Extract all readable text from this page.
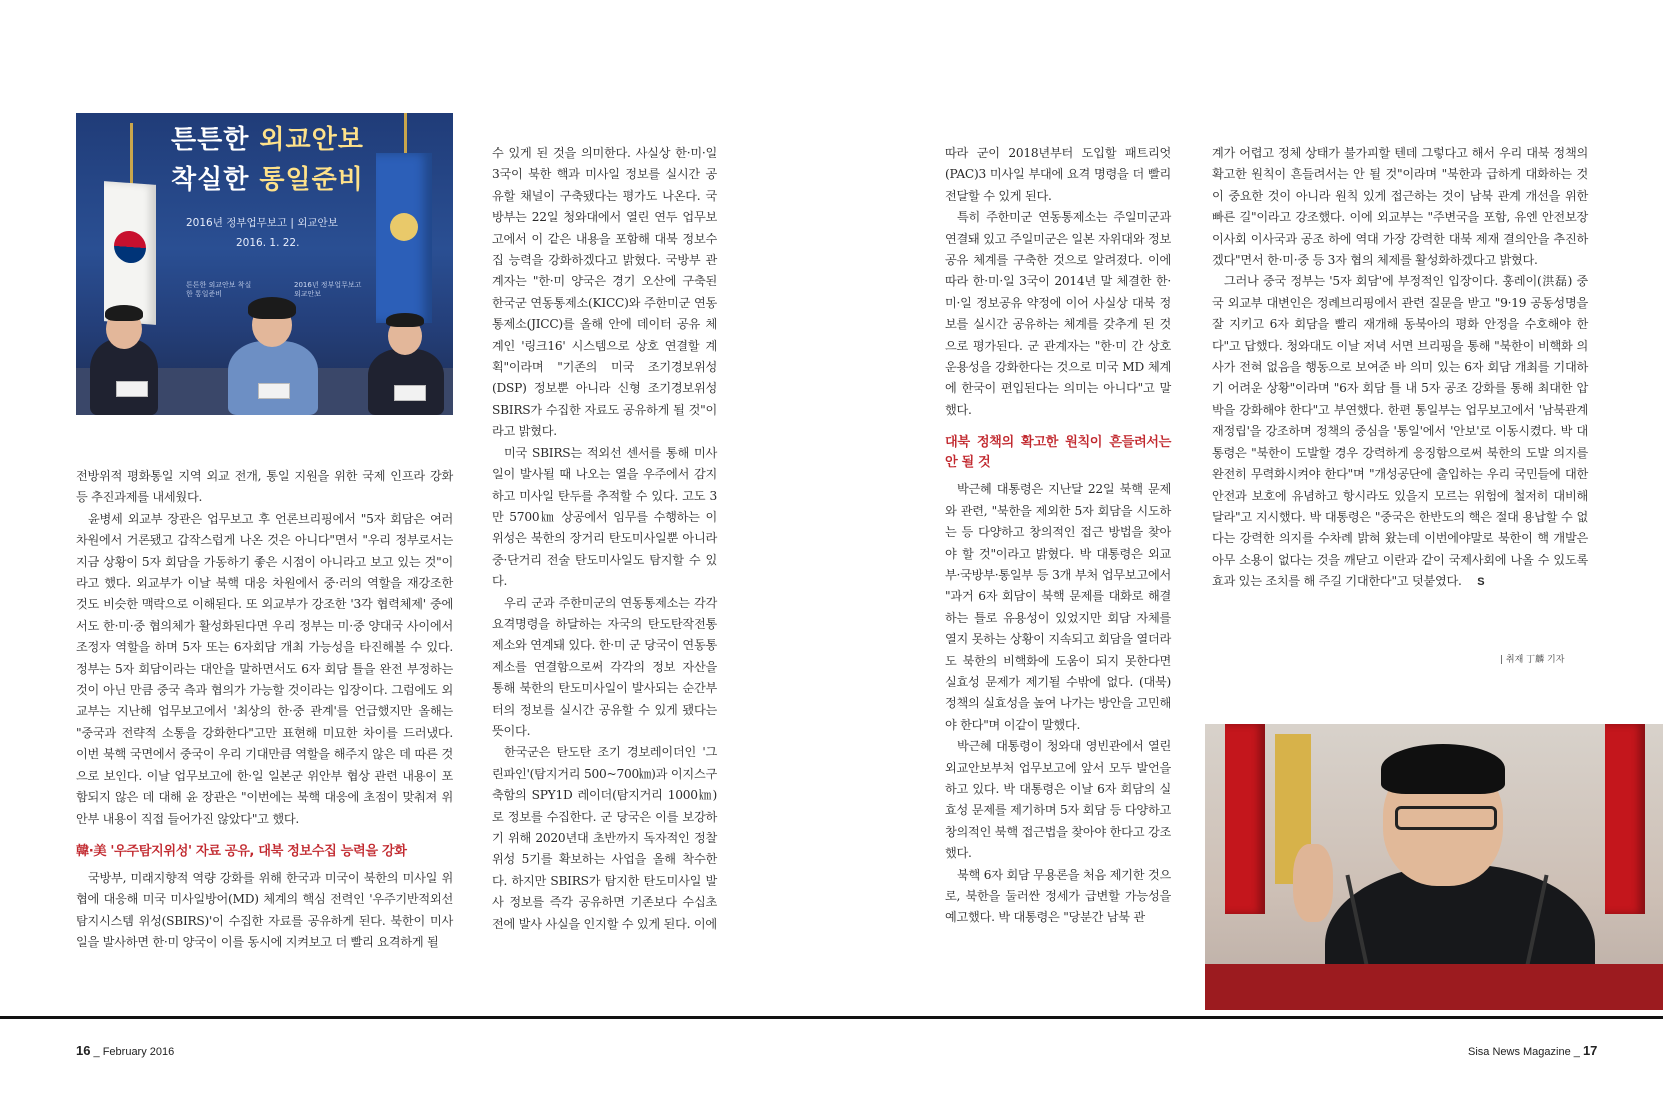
튼튼한 외교안보
착실한 통일준비
2016년 정부업무보고 | 외교안보
2016. 1. 22.
튼튼한 외교안보 착실한 통일준비
2016년 정부업무보고 외교안보

전방위적 평화통일 지역 외교 전개, 통일 지원을 위한 국제 인프라 강화 등 추진과제를 내세웠다.

윤병세 외교부 장관은 업무보고 후 언론브리핑에서 "5자 회담은 여러 차원에서 거론됐고 갑작스럽게 나온 것은 아니다"면서 "우리 정부로서는 지금 상황이 5자 회담을 가동하기 좋은 시점이 아니라고 보고 있는 것"이라고 했다. 외교부가 이날 북핵 대응 차원에서 중·러의 역할을 재강조한 것도 비슷한 맥락으로 이해된다. 또 외교부가 강조한 '3각 협력체제' 중에서도 한·미·중 협의체가 활성화된다면 우리 정부는 미·중 양대국 사이에서 조정자 역할을 하며 5자 또는 6자회담 개최 가능성을 타진해볼 수 있다. 정부는 5자 회담이라는 대안을 말하면서도 6자 회담 틀을 완전 부정하는 것이 아닌 만큼 중국 측과 협의가 가능할 것이라는 입장이다. 그럼에도 외교부는 지난해 업무보고에서 '최상의 한·중 관계'를 언급했지만 올해는 "중국과 전략적 소통을 강화한다"고만 표현해 미묘한 차이를 드러냈다. 이번 북핵 국면에서 중국이 우리 기대만큼 역할을 해주지 않은 데 따른 것으로 보인다. 이날 업무보고에 한·일 일본군 위안부 협상 관련 내용이 포함되지 않은 데 대해 윤 장관은 "이번에는 북핵 대응에 초점이 맞춰져 위안부 내용이 직접 들어가진 않았다"고 했다.

韓·美 '우주탐지위성' 자료 공유, 대북 정보수집 능력을 강화

국방부, 미래지향적 역량 강화를 위해 한국과 미국이 북한의 미사일 위협에 대응해 미국 미사일방어(MD) 체계의 핵심 전력인 '우주기반적외선 탐지시스템 위성(SBIRS)'이 수집한 자료를 공유하게 된다. 북한이 미사일을 발사하면 한·미 양국이 이를 동시에 지켜보고 더 빨리 요격하게 될

수 있게 된 것을 의미한다. 사실상 한·미·일 3국이 북한 핵과 미사일 정보를 실시간 공유할 채널이 구축됐다는 평가도 나온다. 국방부는 22일 청와대에서 열린 연두 업무보고에서 이 같은 내용을 포함해 대북 정보수집 능력을 강화하겠다고 밝혔다. 국방부 관계자는 "한·미 양국은 경기 오산에 구축된 한국군 연동통제소(KICC)와 주한미군 연동통제소(JICC)를 올해 안에 데이터 공유 체계인 '링크16' 시스템으로 상호 연결할 계획"이라며 "기존의 미국 조기경보위성(DSP) 정보뿐 아니라 신형 조기경보위성 SBIRS가 수집한 자료도 공유하게 될 것"이라고 밝혔다.

미국 SBIRS는 적외선 센서를 통해 미사일이 발사될 때 나오는 열을 우주에서 감지하고 미사일 탄두를 추적할 수 있다. 고도 3만 5700㎞ 상공에서 임무를 수행하는 이 위성은 북한의 장거리 탄도미사일뿐 아니라 중·단거리 전술 탄도미사일도 탐지할 수 있다.

우리 군과 주한미군의 연동통제소는 각각 요격명령을 하달하는 자국의 탄도탄작전통제소와 연계돼 있다. 한·미 군 당국이 연동통제소를 연결함으로써 각각의 정보 자산을 통해 북한의 탄도미사일이 발사되는 순간부터의 정보를 실시간 공유할 수 있게 됐다는 뜻이다.

한국군은 탄도탄 조기 경보레이더인 '그린파인'(탐지거리 500~700㎞)과 이지스구축함의 SPY1D 레이더(탐지거리 1000㎞)로 정보를 수집한다. 군 당국은 이를 보강하기 위해 2020년대 초반까지 독자적인 정찰위성 5기를 확보하는 사업을 올해 착수한다. 하지만 SBIRS가 탐지한 탄도미사일 발사 정보를 즉각 공유하면 기존보다 수십초 전에 발사 사실을 인지할 수 있게 된다. 이에

따라 군이 2018년부터 도입할 패트리엇(PAC)3 미사일 부대에 요격 명령을 더 빨리 전달할 수 있게 된다.

특히 주한미군 연동통제소는 주일미군과 연결돼 있고 주일미군은 일본 자위대와 정보공유 체계를 구축한 것으로 알려졌다. 이에 따라 한·미·일 3국이 2014년 말 체결한 한·미·일 정보공유 약정에 이어 사실상 대북 정보를 실시간 공유하는 체계를 갖추게 된 것으로 평가된다. 군 관계자는 "한·미 간 상호운용성을 강화한다는 것으로 미국 MD 체계에 한국이 편입된다는 의미는 아니다"고 말했다.

대북 정책의 확고한 원칙이 흔들려서는 안 될 것

박근혜 대통령은 지난달 22일 북핵 문제와 관련, "북한을 제외한 5자 회담을 시도하는 등 다양하고 창의적인 접근 방법을 찾아야 할 것"이라고 밝혔다. 박 대통령은 외교부·국방부·통일부 등 3개 부처 업무보고에서 "과거 6자 회담이 북핵 문제를 대화로 해결하는 틀로 유용성이 있었지만 회담 자체를 열지 못하는 상황이 지속되고 회담을 열더라도 북한의 비핵화에 도움이 되지 못한다면 실효성 문제가 제기될 수밖에 없다. (대북)정책의 실효성을 높여 나가는 방안을 고민해야 한다"며 이같이 말했다.

박근혜 대통령이 청와대 영빈관에서 열린 외교안보부처 업무보고에 앞서 모두 발언을 하고 있다. 박 대통령은 이날 6자 회담의 실효성 문제를 제기하며 5자 회담 등 다양하고 창의적인 북핵 접근법을 찾아야 한다고 강조했다.

북핵 6자 회담 무용론을 처음 제기한 것으로, 북한을 둘러싼 정세가 급변할 가능성을 예고했다. 박 대통령은 "당분간 남북 관

계가 어렵고 정체 상태가 불가피할 텐데 그렇다고 해서 우리 대북 정책의 확고한 원칙이 흔들려서는 안 될 것"이라며 "북한과 급하게 대화하는 것이 중요한 것이 아니라 원칙 있게 접근하는 것이 남북 관계 개선을 위한 빠른 길"이라고 강조했다. 이에 외교부는 "주변국을 포함, 유엔 안전보장이사회 이사국과 공조 하에 역대 가장 강력한 대북 제재 결의안을 추진하겠다"면서 한·미·중 등 3자 협의 체제를 활성화하겠다고 밝혔다.

그러나 중국 정부는 '5자 회담'에 부정적인 입장이다. 훙레이(洪磊) 중국 외교부 대변인은 정례브리핑에서 관련 질문을 받고 "9·19 공동성명을 잘 지키고 6자 회담을 빨리 재개해 동북아의 평화 안정을 수호해야 한다"고 답했다. 청와대도 이날 저녁 서면 브리핑을 통해 "북한이 비핵화 의사가 전혀 없음을 행동으로 보여준 바 의미 있는 6자 회담 개최를 기대하기 어려운 상황"이라며 "6자 회담 틀 내 5자 공조 강화를 통해 최대한 압박을 강화해야 한다"고 부연했다. 한편 통일부는 업무보고에서 '남북관계 재정립'을 강조하며 정책의 중심을 '통일'에서 '안보'로 이동시켰다. 박 대통령은 "북한이 도발할 경우 강력하게 응징함으로써 북한의 도발 의지를 완전히 무력화시켜야 한다"며 "개성공단에 출입하는 우리 국민들에 대한 안전과 보호에 유념하고 항시라도 있을지 모르는 위험에 철저히 대비해 달라"고 지시했다. 박 대통령은 "중국은 한반도의 핵은 절대 용납할 수 없다는 강력한 의지를 수차례 밝혀 왔는데 이번에야말로 북한이 핵 개발은 아무 소용이 없다는 것을 깨닫고 이란과 같이 국제사회에 나올 수 있도록 효과 있는 조치를 해 주길 기대한다"고 덧붙였다. S

| 취재 丁麟 기자
16 _ February 2016	Sisa News Magazine _ 17
